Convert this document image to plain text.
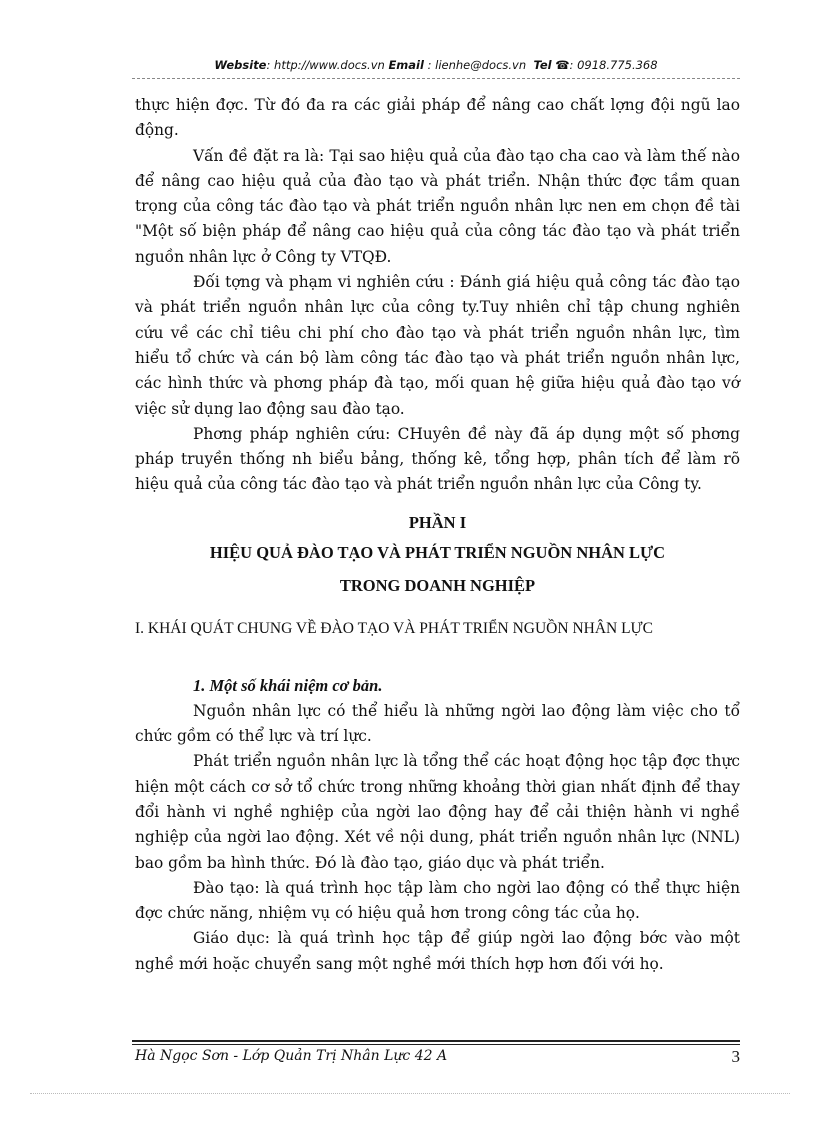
Website: http://www.docs.vn Email : lienhe@docs.vn Tel ☎: 0918.775.368

thực hiện đợc. Từ đó đa ra các giải pháp để nâng cao chất lợng đội ngũ lao động.

Vấn đề đặt ra là: Tại sao hiệu quả của đào tạo cha cao và làm thế nào để nâng cao hiệu quả của đào tạo và phát triển. Nhận thức đợc tầm quan trọng của công tác đào tạo và phát triển nguồn nhân lực nen em chọn đề tài "Một số biện pháp để nâng cao hiệu quả của công tác đào tạo và phát triển nguồn nhân lực ở Công ty VTQĐ.

Đối tợng và phạm vi nghiên cứu : Đánh giá hiệu quả công tác đào tạo và phát triển nguồn nhân lực của công ty.Tuy nhiên chỉ tập chung nghiên cứu về các chỉ tiêu chi phí cho đào tạo và phát triển nguồn nhân lực, tìm hiểu tổ chức và cán bộ làm công tác đào tạo và phát triển nguồn nhân lực, các hình thức và phơng pháp đà tạo, mối quan hệ giữa hiệu quả đào tạo vớ việc sử dụng lao động sau đào tạo.

Phơng pháp nghiên cứu: CHuyên đề này đã áp dụng một số phơng pháp truyền thống nh biểu bảng, thống kê, tổng hợp, phân tích để làm rõ hiệu quả của công tác đào tạo và phát triển nguồn nhân lực của Công ty.

PHẦN I

HIỆU QUẢ ĐÀO TẠO VÀ PHÁT TRIỂN NGUỒN NHÂN LỰC

TRONG DOANH NGHIỆP

I. KHÁI QUÁT CHUNG VỀ ĐÀO TẠO VÀ PHÁT TRIỂN NGUỒN NHÂN LỰC

1. Một số khái niệm cơ bản.

Nguồn nhân lực có thể hiểu là những ngời lao động làm việc cho tổ chức gồm có thể lực và trí lực.

Phát triển nguồn nhân lực là tổng thể các hoạt động học tập đợc thực hiện một cách cơ sở tổ chức trong những khoảng thời gian nhất định để thay đổi hành vi nghề nghiệp của ngời lao động hay để cải thiện hành vi nghề nghiệp của ngời lao động. Xét về nội dung, phát triển nguồn nhân lực (NNL) bao gồm ba hình thức. Đó là đào tạo, giáo dục và phát triển.

Đào tạo: là quá trình học tập làm cho ngời lao động có thể thực hiện đợc chức năng, nhiệm vụ có hiệu quả hơn trong công tác của họ.

Giáo dục: là quá trình học tập để giúp ngời lao động bớc vào một nghề mới hoặc chuyển sang một nghề mới thích hợp hơn đối với họ.

Hà Ngọc Sơn - Lớp Quản Trị Nhân Lực 42 A	3
